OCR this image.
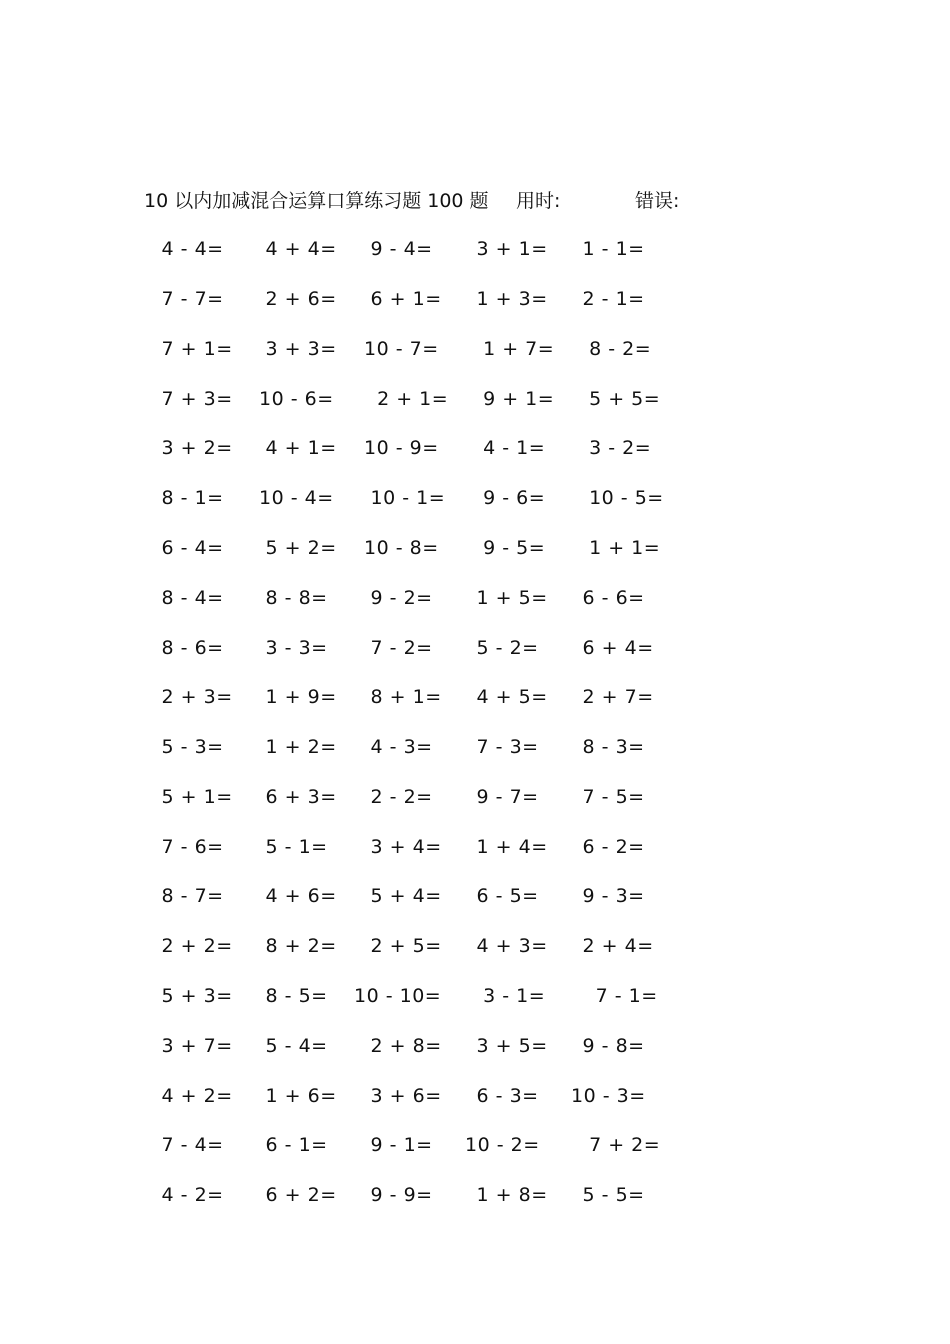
10 以内加减混合运算口算练习题 100 题 用时:	错误:
4 - 4= 4 + 4= 9 - 4= 3 + 1= 1 - 1=
7 - 7= 2 + 6= 6 + 1= 1 + 3= 2 - 1=
7 + 1= 3 + 3= 10 - 7= 1 + 7= 8 - 2=
7 + 3= 10 - 6= 2 + 1= 9 + 1= 5 + 5=
3 + 2= 4 + 1= 10 - 9= 4 - 1= 3 - 2=
8 - 1= 10 - 4= 10 - 1= 9 - 6= 10 - 5=
6 - 4= 5 + 2= 10 - 8= 9 - 5= 1 + 1=
8 - 4= 8 - 8= 9 - 2= 1 + 5= 6 - 6=
8 - 6= 3 - 3= 7 - 2= 5 - 2= 6 + 4=
2 + 3= 1 + 9= 8 + 1= 4 + 5= 2 + 7=
5 - 3= 1 + 2= 4 - 3= 7 - 3= 8 - 3=
5 + 1= 6 + 3= 2 - 2= 9 - 7= 7 - 5=
7 - 6= 5 - 1= 3 + 4= 1 + 4= 6 - 2=
8 - 7= 4 + 6= 5 + 4= 6 - 5= 9 - 3=
2 + 2= 8 + 2= 2 + 5= 4 + 3= 2 + 4=
5 + 3= 8 - 5= 10 - 10= 3 - 1= 7 - 1=
3 + 7= 5 - 4= 2 + 8= 3 + 5= 9 - 8=
4 + 2= 1 + 6= 3 + 6= 6 - 3= 10 - 3=
7 - 4= 6 - 1= 9 - 1= 10 - 2= 7 + 2=
4 - 2= 6 + 2= 9 - 9= 1 + 8= 5 - 5=
